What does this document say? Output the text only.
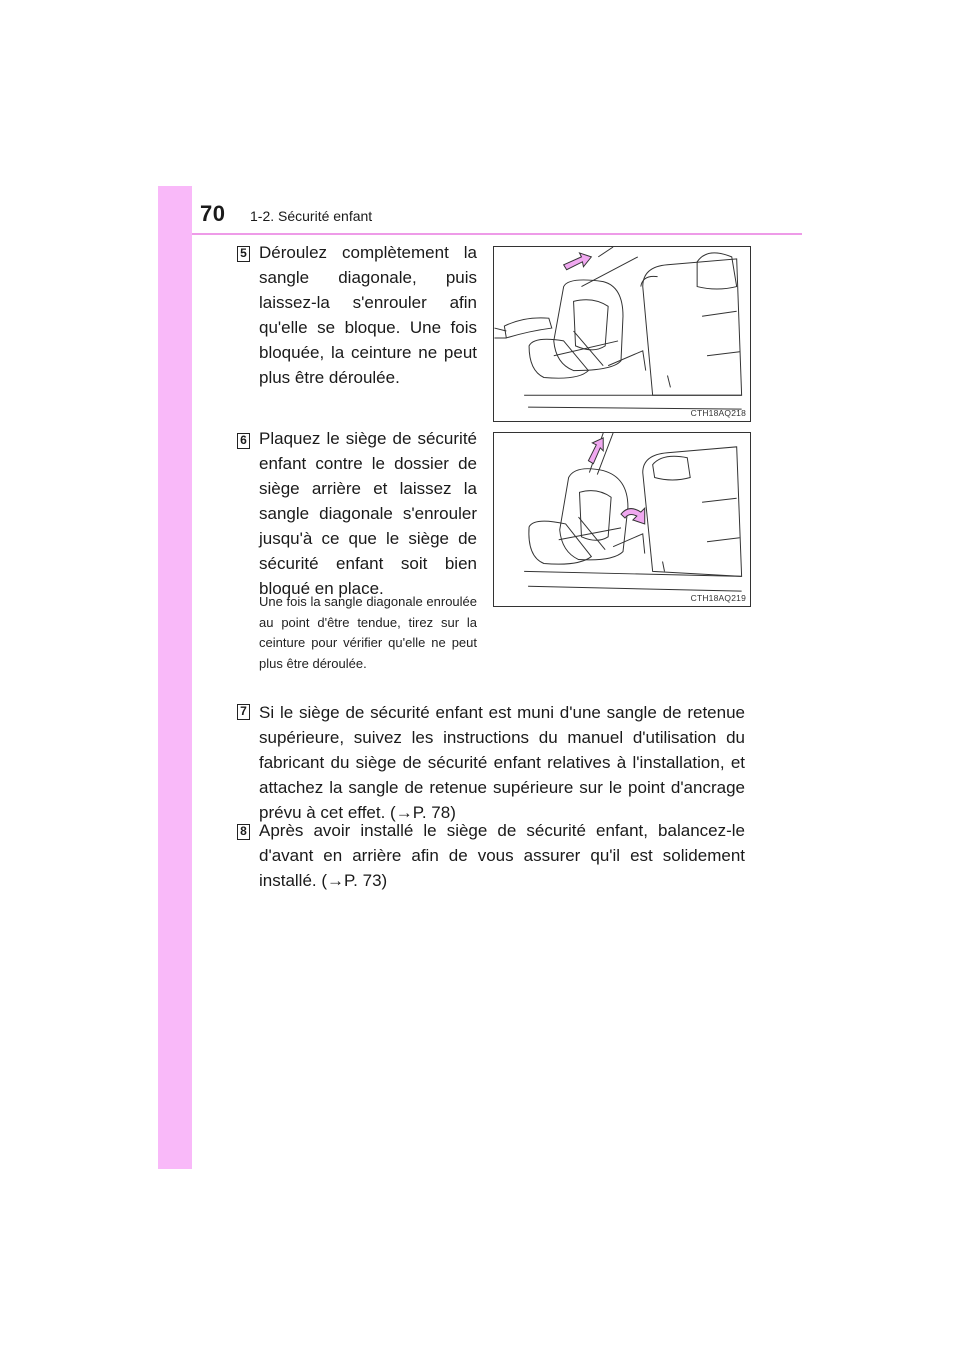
70 1-2. Sécurité enfant
5 Déroulez complètement la sangle diagonale, puis laissez-la s'enrouler afin qu'elle se bloque. Une fois bloquée, la ceinture ne peut plus être déroulée.
CTH18AQ218
6 Plaquez le siège de sécurité enfant contre le dossier de siège arrière et laissez la sangle diagonale s'enrouler jusqu'à ce que le siège de sécurité enfant soit bien bloqué en place.
Une fois la sangle diagonale enroulée au point d'être tendue, tirez sur la ceinture pour vérifier qu'elle ne peut plus être déroulée.
CTH18AQ219
7 Si le siège de sécurité enfant est muni d'une sangle de retenue supérieure, suivez les instructions du manuel d'utilisation du fabricant du siège de sécurité enfant relatives à l'installation, et attachez la sangle de retenue supérieure sur le point d'ancrage prévu à cet effet. (→P. 78)
8 Après avoir installé le siège de sécurité enfant, balancez-le d'avant en arrière afin de vous assurer qu'il est solidement installé. (→P. 73)
